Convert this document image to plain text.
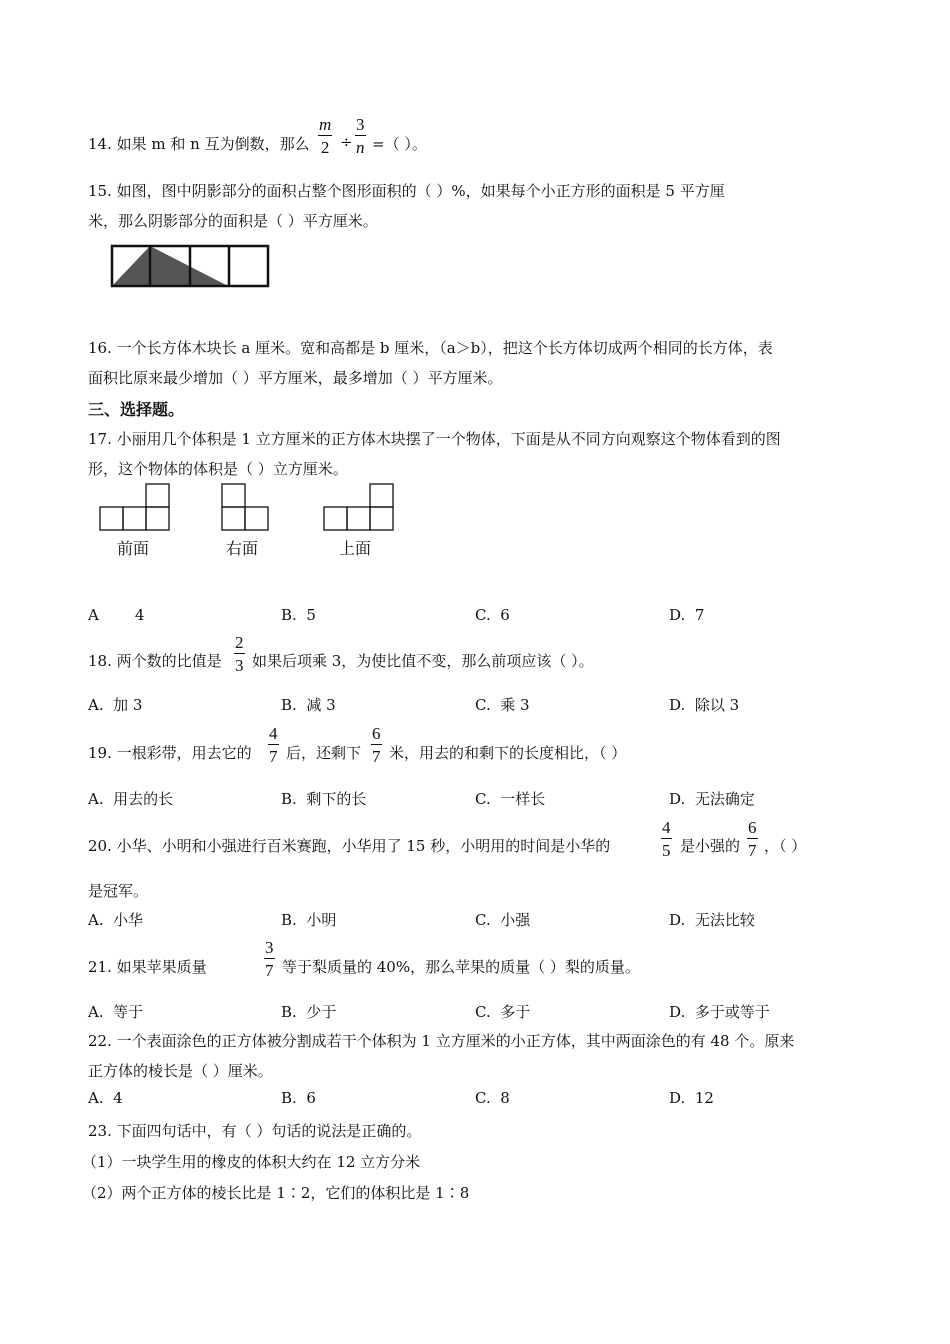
14. 如果 m 和 n 互为倒数，那么
m
2 ÷
3
n =（ ）。
15. 如图，图中阴影部分的面积占整个图形面积的（ ）%，如果每个小正方形的面积是 5 平方厘
米，那么阴影部分的面积是（ ）平方厘米。
16. 一个长方体木块长 a 厘米。宽和高都是 b 厘米，（a＞b），把这个长方体切成两个相同的长方体，表
面积比原来最少增加（ ）平方厘米，最多增加（ ）平方厘米。
三、选择题。
17. 小丽用几个体积是 1 立方厘米的正方体木块摆了一个物体，下面是从不同方向观察这个物体看到的图
形，这个物体的体积是（ ）立方厘米。
前面	右面	上面
A 4	B. 5	C. 6	D. 7
18. 两个数的比值是
2
3 如果后项乘 3，为使比值不变，那么前项应该（ ）。
A. 加 3	B. 减 3	C. 乘 3	D. 除以 3
19. 一根彩带，用去它的
4
7 后，还剩下
6
7 米，用去的和剩下的长度相比，（ ）
A. 用去的长	B. 剩下的长	C. 一样长	D. 无法确定
20. 小华、小明和小强进行百米赛跑，小华用了 15 秒，小明用的时间是小华的
4
5 是小强的
6
7 ，（ ）
是冠军。
A. 小华	B. 小明	C. 小强	D. 无法比较
21. 如果苹果质量
3
7 等于梨质量的 40%，那么苹果的质量（ ）梨的质量。
A. 等于	B. 少于	C. 多于	D. 多于或等于
22. 一个表面涂色的正方体被分割成若干个体积为 1 立方厘米的小正方体，其中两面涂色的有 48 个。原来
正方体的棱长是（ ）厘米。
A. 4	B. 6	C. 8	D. 12
23. 下面四句话中，有（ ）句话的说法是正确的。
（1）一块学生用的橡皮的体积大约在 12 立方分米
（2）两个正方体的棱长比是 1∶2，它们的体积比是 1∶8
